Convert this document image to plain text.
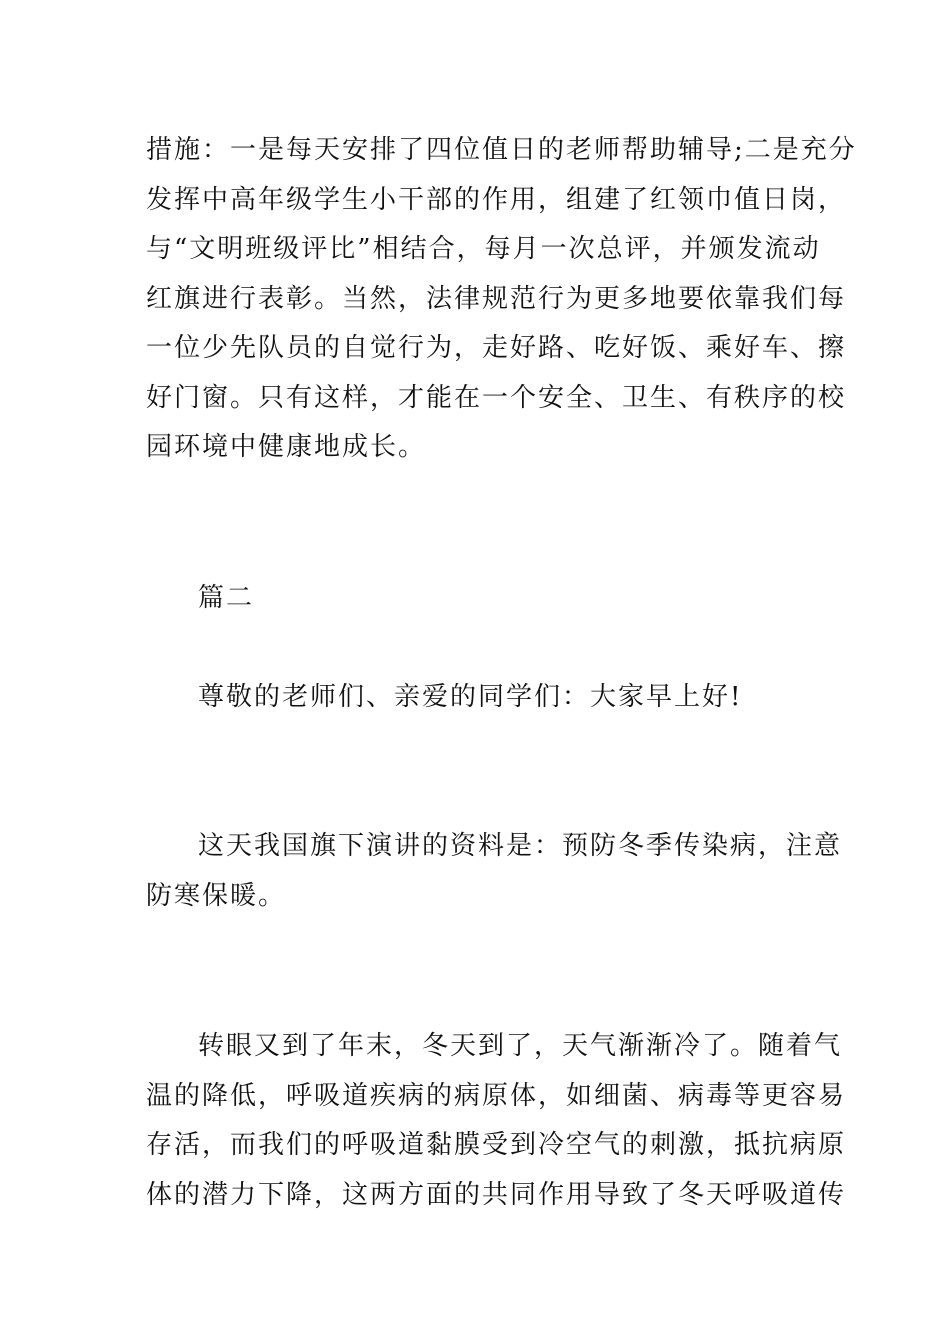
措施：一是每天安排了四位值日的老师帮助辅导;二是充分
发挥中高年级学生小干部的作用，组建了红领巾值日岗，
与“文明班级评比”相结合，每月一次总评，并颁发流动
红旗进行表彰。当然，法律规范行为更多地要依靠我们每
一位少先队员的自觉行为，走好路、吃好饭、乘好车、擦
好门窗。只有这样，才能在一个安全、卫生、有秩序的校
园环境中健康地成长。
篇二
尊敬的老师们、亲爱的同学们：大家早上好!
这天我国旗下演讲的资料是：预防冬季传染病，注意
防寒保暖。
转眼又到了年末，冬天到了，天气渐渐冷了。随着气
温的降低，呼吸道疾病的病原体，如细菌、病毒等更容易
存活，而我们的呼吸道黏膜受到冷空气的刺激，抵抗病原
体的潜力下降，这两方面的共同作用导致了冬天呼吸道传
